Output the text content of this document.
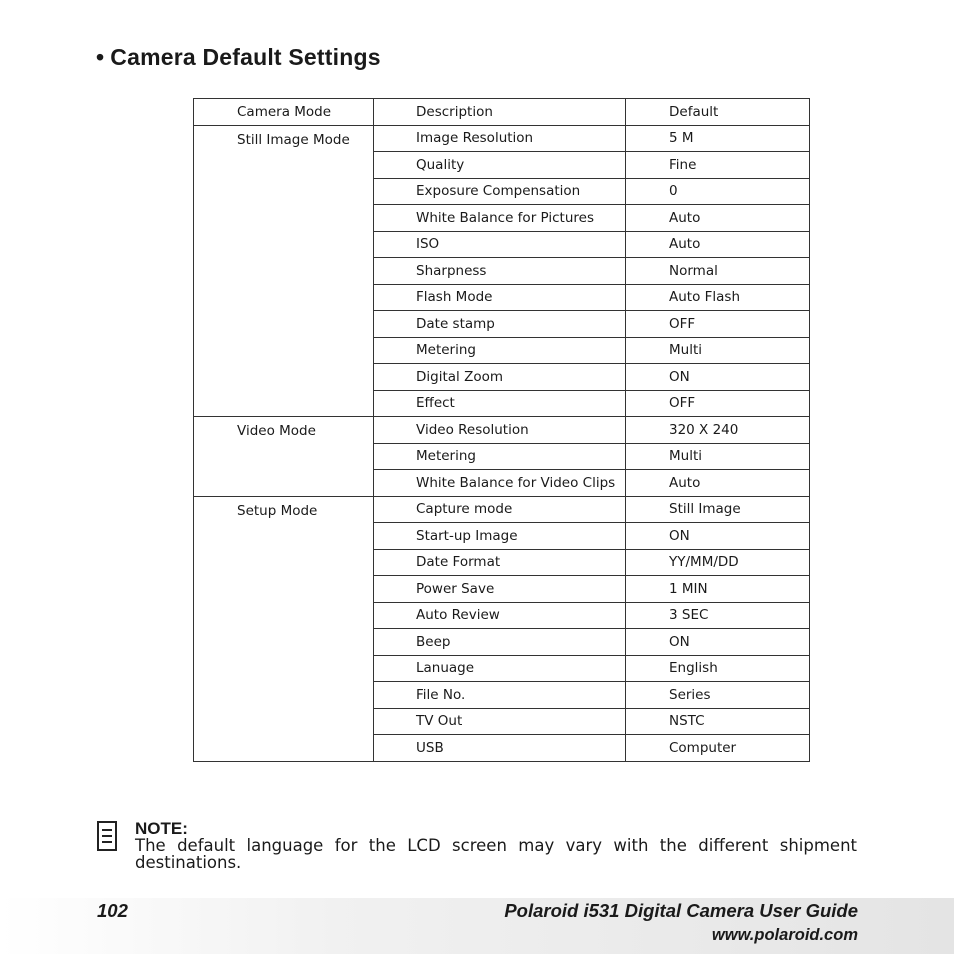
• Camera Default Settings
Camera Mode	Description	Default
Still Image Mode	Image Resolution	5 M
	Quality	Fine
	Exposure Compensation	0
	White Balance for Pictures	Auto
	ISO	Auto
	Sharpness	Normal
	Flash Mode	Auto Flash
	Date stamp	OFF
	Metering	Multi
	Digital Zoom	ON
	Effect	OFF
Video Mode	Video Resolution	320 X 240
	Metering	Multi
	White Balance for Video Clips	Auto
Setup Mode	Capture mode	Still Image
	Start-up Image	ON
	Date Format	YY/MM/DD
	Power Save	1 MIN
	Auto Review	3 SEC
	Beep	ON
	Lanuage	English
	File No.	Series
	TV Out	NSTC
	USB	Computer
NOTE:
The default language for the LCD screen may vary with the different shipment destinations.
102	Polaroid i531 Digital Camera User Guide
www.polaroid.com
